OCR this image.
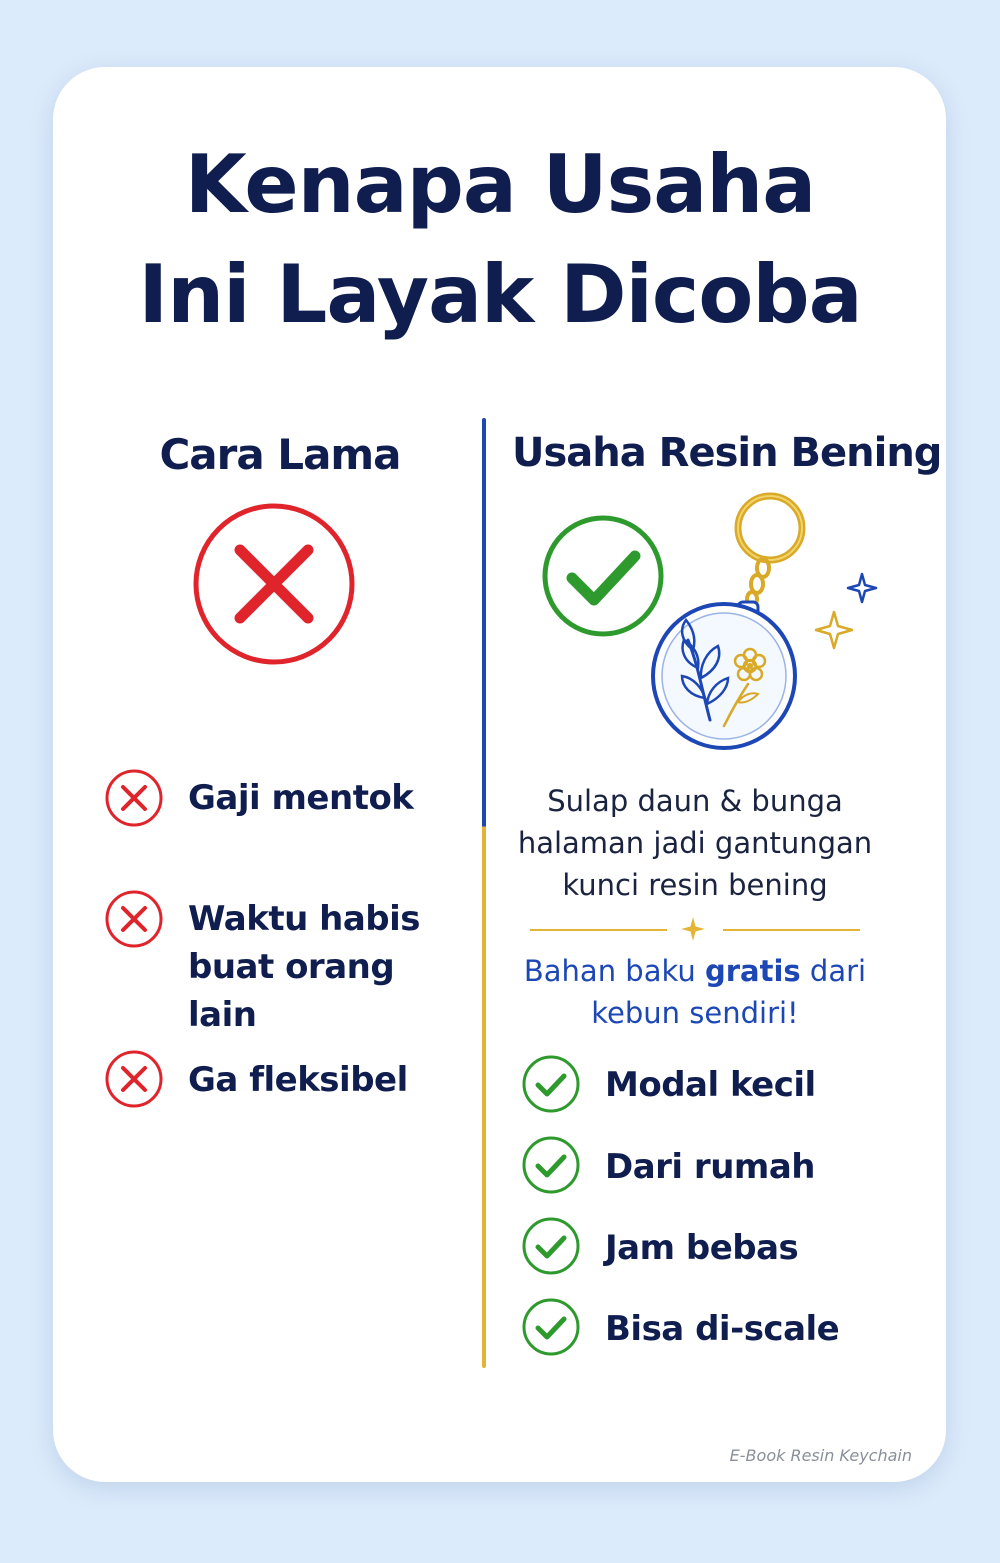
Kenapa Usaha
Ini Layak Dicoba
Cara Lama
Gaji mentok
Waktu habis buat orang lain
Ga fleksibel
Usaha Resin Bening
Sulap daun & bunga halaman jadi gantungan kunci resin bening
Bahan baku gratis dari kebun sendiri!
Modal kecil
Dari rumah
Jam bebas
Bisa di-scale
E-Book Resin Keychain
